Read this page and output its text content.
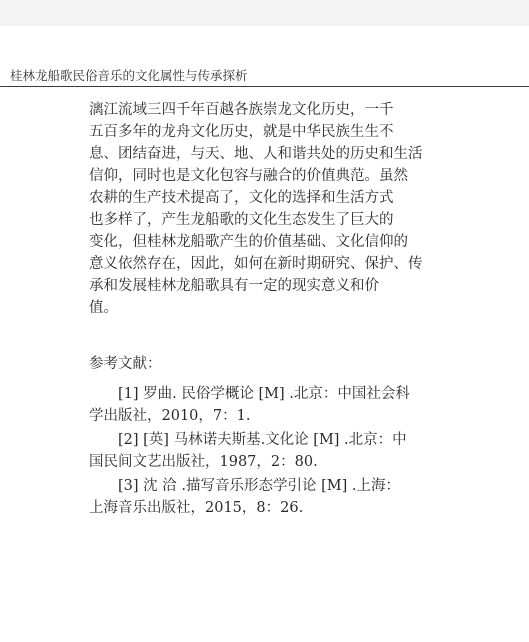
桂林龙船歌民俗音乐的文化属性与传承探析
漓江流域三四千年百越各族崇龙文化历史，一千
五百多年的龙舟文化历史，就是中华民族生生不
息、团结奋进，与天、地、人和谐共处的历史和生活
信仰，同时也是文化包容与融合的价值典范。虽然
农耕的生产技术提高了，文化的选择和生活方式
也多样了，产生龙船歌的文化生态发生了巨大的
变化，但桂林龙船歌产生的价值基础、文化信仰的
意义依然存在，因此，如何在新时期研究、保护、传
承和发展桂林龙船歌具有一定的现实意义和价
值。
参考文献：
[1] 罗曲. 民俗学概论 [M] .北京：中国社会科
学出版社，2010，7：1.
[2] [英] 马林诺夫斯基.文化论 [M] .北京：中
国民间文艺出版社，1987，2：80.
[3] 沈 洽 .描写音乐形态学引论 [M] .上海：
上海音乐出版社，2015，8：26.
